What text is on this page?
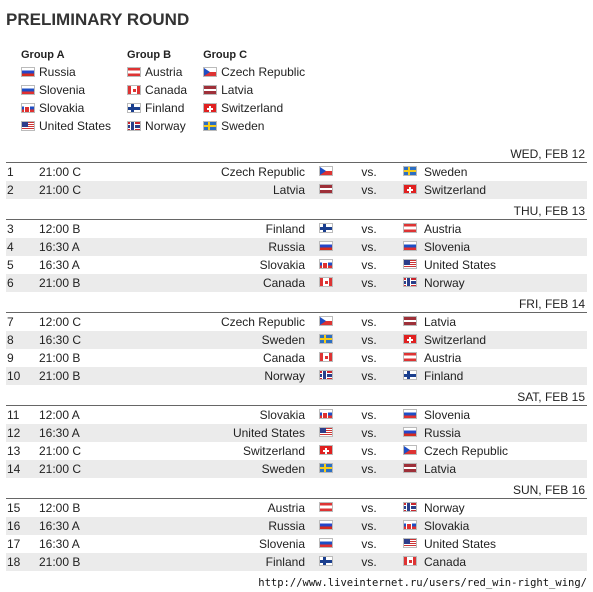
PRELIMINARY ROUND
Group A
Russia
Slovenia
Slovakia
United States
Group B
Austria
Canada
Finland
Norway
Group C
Czech Republic
Latvia
Switzerland
Sweden
WED, FEB 12
1	21:00 C	Czech Republic	vs.	Sweden
2	21:00 C	Latvia	vs.	Switzerland
THU, FEB 13
3	12:00 B	Finland	vs.	Austria
4	16:30 A	Russia	vs.	Slovenia
5	16:30 A	Slovakia	vs.	United States
6	21:00 B	Canada	vs.	Norway
FRI, FEB 14
7	12:00 C	Czech Republic	vs.	Latvia
8	16:30 C	Sweden	vs.	Switzerland
9	21:00 B	Canada	vs.	Austria
10	21:00 B	Norway	vs.	Finland
SAT, FEB 15
11	12:00 A	Slovakia	vs.	Slovenia
12	16:30 A	United States	vs.	Russia
13	21:00 C	Switzerland	vs.	Czech Republic
14	21:00 C	Sweden	vs.	Latvia
SUN, FEB 16
15	12:00 B	Austria	vs.	Norway
16	16:30 A	Russia	vs.	Slovakia
17	16:30 A	Slovenia	vs.	United States
18	21:00 B	Finland	vs.	Canada
http://www.liveinternet.ru/users/red_win-right_wing/
